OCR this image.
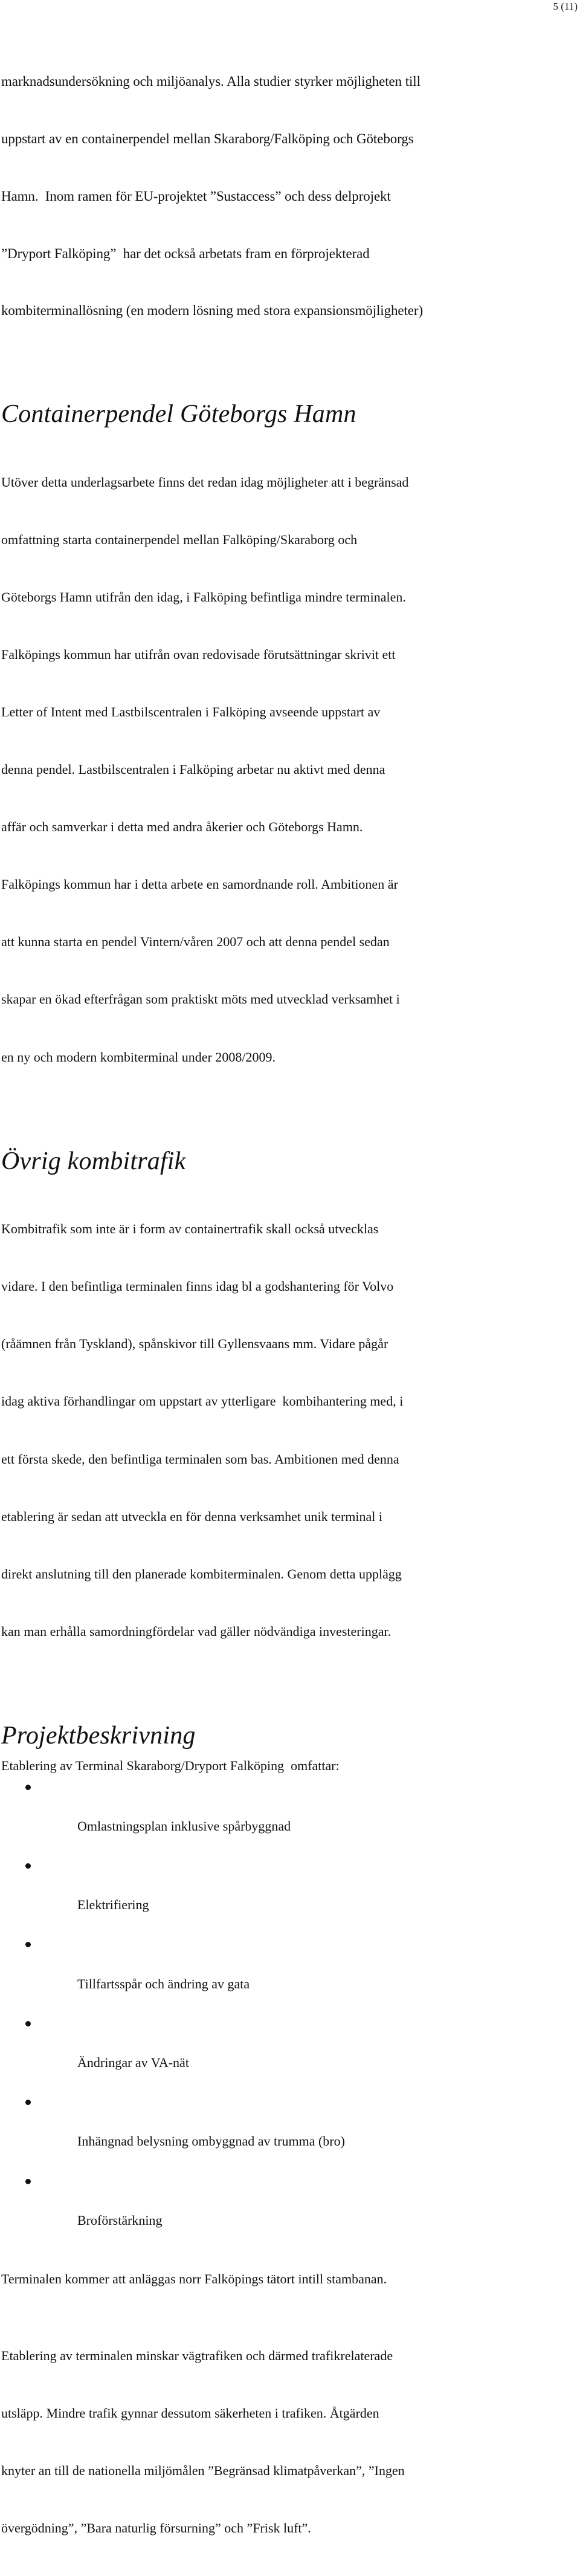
5 (11)

marknadsundersökning och miljöanalys. Alla studier styrker möjligheten till

uppstart av en containerpendel mellan Skaraborg/Falköping och Göteborgs

Hamn.  Inom ramen för EU-projektet ”Sustaccess” och dess delprojekt

”Dryport Falköping”  har det också arbetats fram en förprojekterad

kombiterminallösning (en modern lösning med stora expansionsmöjligheter)

Containerpendel Göteborgs Hamn

Utöver detta underlagsarbete finns det redan idag möjligheter att i begränsad

omfattning starta containerpendel mellan Falköping/Skaraborg och

Göteborgs Hamn utifrån den idag, i Falköping befintliga mindre terminalen.

Falköpings kommun har utifrån ovan redovisade förutsättningar skrivit ett

Letter of Intent med Lastbilscentralen i Falköping avseende uppstart av

denna pendel. Lastbilscentralen i Falköping arbetar nu aktivt med denna

affär och samverkar i detta med andra åkerier och Göteborgs Hamn.

Falköpings kommun har i detta arbete en samordnande roll. Ambitionen är

att kunna starta en pendel Vintern/våren 2007 och att denna pendel sedan

skapar en ökad efterfrågan som praktiskt möts med utvecklad verksamhet i

en ny och modern kombiterminal under 2008/2009.

Övrig kombitrafik

Kombitrafik som inte är i form av containertrafik skall också utvecklas

vidare. I den befintliga terminalen finns idag bl a godshantering för Volvo

(råämnen från Tyskland), spånskivor till Gyllensvaans mm. Vidare pågår

idag aktiva förhandlingar om uppstart av ytterligare  kombihantering med, i

ett första skede, den befintliga terminalen som bas. Ambitionen med denna

etablering är sedan att utveckla en för denna verksamhet unik terminal i

direkt anslutning till den planerade kombiterminalen. Genom detta upplägg

kan man erhålla samordningfördelar vad gäller nödvändiga investeringar.

Projektbeskrivning
Etablering av Terminal Skaraborg/Dryport Falköping  omfattar:

Omlastningsplan inklusive spårbyggnad

Elektrifiering

Tillfartsspår och ändring av gata

Ändringar av VA-nät

Inhängnad belysning ombyggnad av trumma (bro)

Broförstärkning

Terminalen kommer att anläggas norr Falköpings tätort intill stambanan.

Etablering av terminalen minskar vägtrafiken och därmed trafikrelaterade

utsläpp. Mindre trafik gynnar dessutom säkerheten i trafiken. Åtgärden

knyter an till de nationella miljömålen ”Begränsad klimatpåverkan”, ”Ingen

övergödning”, ”Bara naturlig försurning” och ”Frisk luft”.
